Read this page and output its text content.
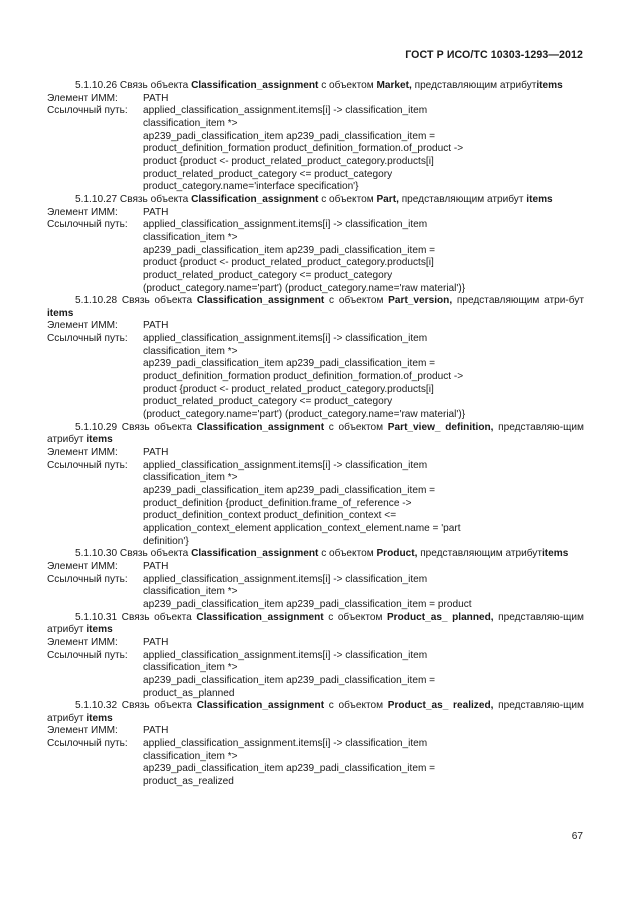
ГОСТ Р ИСО/ТС 10303-1293—2012
5.1.10.26 Связь объекта Classification_assignment с объектом Market, представляющим атрибутitems
Элемент ИММ:	PATH
Ссылочный путь:	applied_classification_assignment.items[i] -> classification_item
classification_item *>
ap239_padi_classification_item ap239_padi_classification_item =
product_definition_formation product_definition_formation.of_product ->
product {product <- product_related_product_category.products[i]
product_related_product_category <= product_category
product_category.name='interface specification'}
5.1.10.27 Связь объекта Classification_assignment с объектом Part, представляющим атрибут items
Элемент ИММ:	PATH
Ссылочный путь:	applied_classification_assignment.items[i] -> classification_item
classification_item *>
ap239_padi_classification_item ap239_padi_classification_item =
product {product <- product_related_product_category.products[i]
product_related_product_category <= product_category
(product_category.name='part') (product_category.name='raw material')}
5.1.10.28 Связь объекта Classification_assignment с объектом Part_version, представляющим атри-бут items
Элемент ИММ:	PATH
Ссылочный путь:	applied_classification_assignment.items[i] -> classification_item
classification_item *>
ap239_padi_classification_item ap239_padi_classification_item =
product_definition_formation product_definition_formation.of_product ->
product {product <- product_related_product_category.products[i]
product_related_product_category <= product_category
(product_category.name='part') (product_category.name='raw material')}
5.1.10.29 Связь объекта Classification_assignment с объектом Part_view_ definition, представляю-щим атрибут items
Элемент ИММ:	PATH
Ссылочный путь:	applied_classification_assignment.items[i] -> classification_item
classification_item *>
ap239_padi_classification_item ap239_padi_classification_item =
product_definition {product_definition.frame_of_reference ->
product_definition_context product_definition_context <=
application_context_element application_context_element.name = 'part
definition'}
5.1.10.30 Связь объекта Classification_assignment с объектом Product, представляющим атрибутitems
Элемент ИММ:	PATH
Ссылочный путь:	applied_classification_assignment.items[i] -> classification_item
classification_item *>
ap239_padi_classification_item ap239_padi_classification_item = product
5.1.10.31 Связь объекта Classification_assignment с объектом Product_as_ planned, представляю-щим атрибут items
Элемент ИММ:	PATH
Ссылочный путь:	applied_classification_assignment.items[i] -> classification_item
classification_item *>
ap239_padi_classification_item ap239_padi_classification_item =
product_as_planned
5.1.10.32 Связь объекта Classification_assignment с объектом Product_as_ realized, представляю-щим атрибут items
Элемент ИММ:	PATH
Ссылочный путь:	applied_classification_assignment.items[i] -> classification_item
classification_item *>
ap239_padi_classification_item ap239_padi_classification_item =
product_as_realized
67
